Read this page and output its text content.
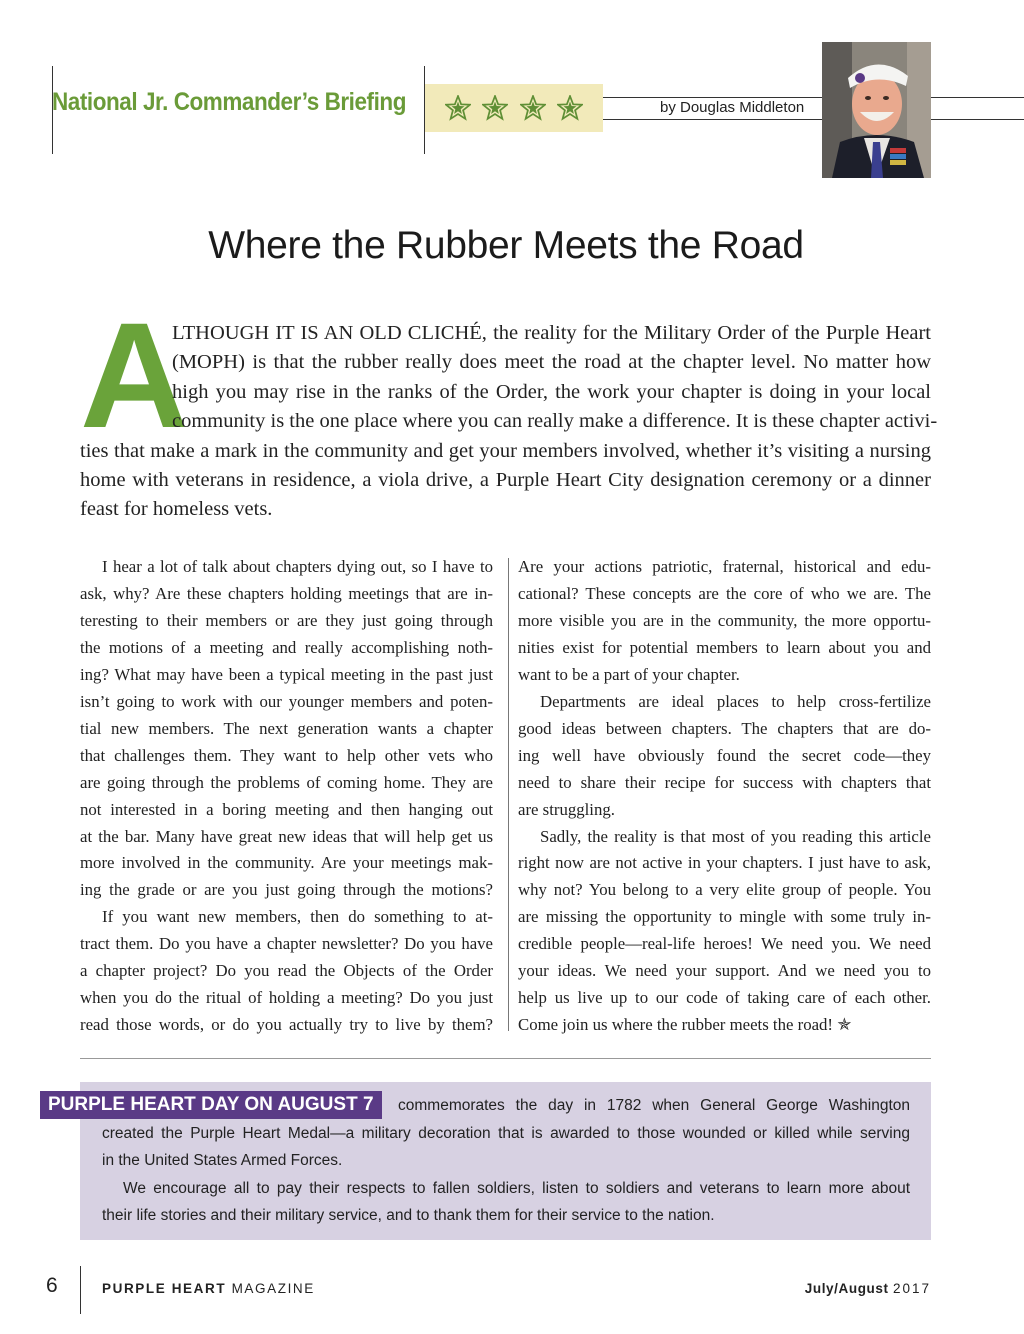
National Jr. Commander’s Briefing	by Douglas Middleton
Where the Rubber Meets the Road
A
LTHOUGH IT IS AN OLD CLICHÉ, the reality for the Military Order of the Purple Heart
(MOPH) is that the rubber really does meet the road at the chapter level. No matter how
high you may rise in the ranks of the Order, the work your chapter is doing in your local
community is the one place where you can really make a difference. It is these chapter activi-
ties that make a mark in the community and get your members involved, whether it’s visiting a nursing
home with veterans in residence, a viola drive, a Purple Heart City designation ceremony or a dinner
feast for homeless vets.
I hear a lot of talk about chapters dying out, so I have to
ask, why? Are these chapters holding meetings that are in-
teresting to their members or are they just going through
the motions of a meeting and really accomplishing noth-
ing? What may have been a typical meeting in the past just
isn’t going to work with our younger members and poten-
tial new members. The next generation wants a chapter
that challenges them. They want to help other vets who
are going through the problems of coming home. They are
not interested in a boring meeting and then hanging out
at the bar. Many have great new ideas that will help get us
more involved in the community. Are your meetings mak-
ing the grade or are you just going through the motions?
If you want new members, then do something to at-
tract them. Do you have a chapter newsletter? Do you have
a chapter project? Do you read the Objects of the Order
when you do the ritual of holding a meeting? Do you just
read those words, or do you actually try to live by them?
Are your actions patriotic, fraternal, historical and edu-
cational? These concepts are the core of who we are. The
more visible you are in the community, the more opportu-
nities exist for potential members to learn about you and
want to be a part of your chapter.
Departments are ideal places to help cross-fertilize
good ideas between chapters. The chapters that are do-
ing well have obviously found the secret code—they
need to share their recipe for success with chapters that
are struggling.
Sadly, the reality is that most of you reading this article
right now are not active in your chapters. I just have to ask,
why not? You belong to a very elite group of people. You
are missing the opportunity to mingle with some truly in-
credible people—real-life heroes! We need you. We need
your ideas. We need your support. And we need you to
help us live up to our code of taking care of each other.
Come join us where the rubber meets the road! ✯
PURPLE HEART DAY ON AUGUST 7	commemorates the day in 1782 when General George Washington
created the Purple Heart Medal—a military decoration that is awarded to those wounded or killed while serving
in the United States Armed Forces.
We encourage all to pay their respects to fallen soldiers, listen to soldiers and veterans to learn more about
their life stories and their military service, and to thank them for their service to the nation.
6	PURPLE HEART MAGAZINE	July/August 2017
